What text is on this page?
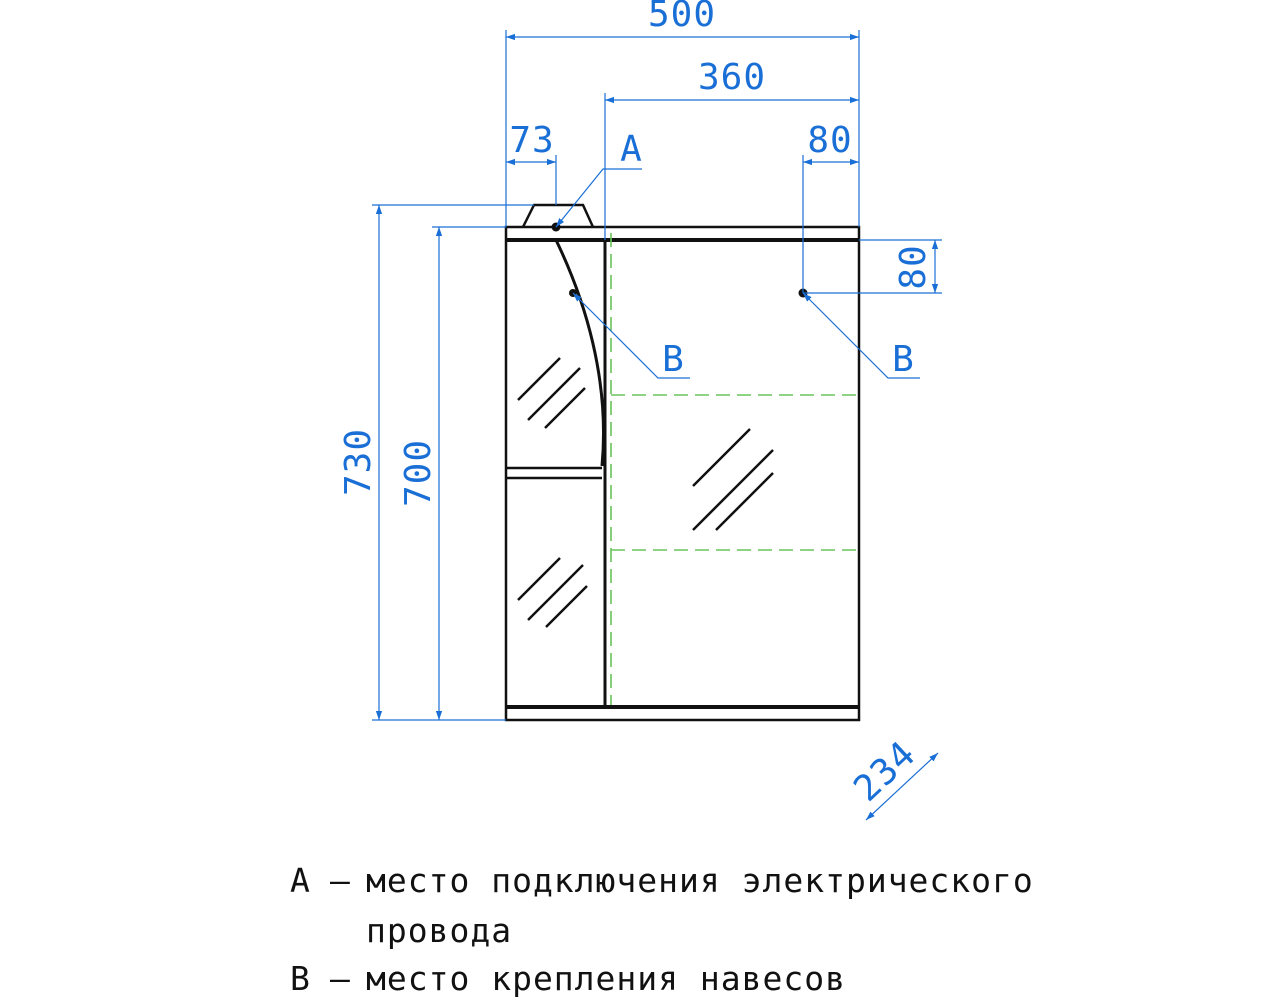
500
360
73	80
80
730 700
234
A
B	B
A – место подключения электрического
провода
B – место крепления навесов
